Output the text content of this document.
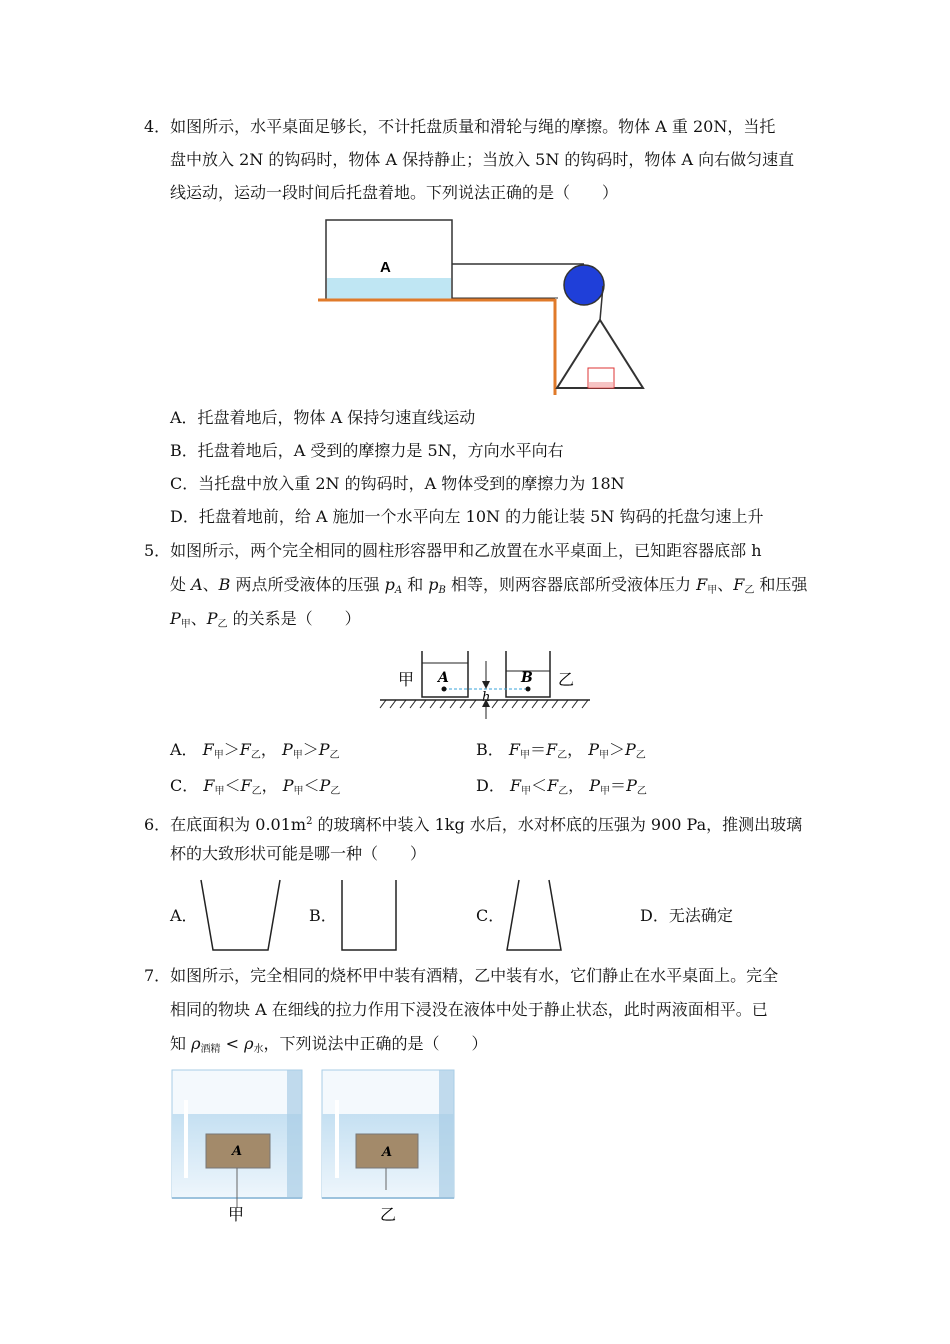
4．如图所示，水平桌面足够长，不计托盘质量和滑轮与绳的摩擦。物体 A 重 20N，当托
盘中放入 2N 的钩码时，物体 A 保持静止；当放入 5N 的钩码时，物体 A 向右做匀速直
线运动，运动一段时间后托盘着地。下列说法正确的是（　　）
A
A．托盘着地后，物体 A 保持匀速直线运动
B．托盘着地后，A 受到的摩擦力是 5N，方向水平向右
C．当托盘中放入重 2N 的钩码时，A 物体受到的摩擦力为 18N
D．托盘着地前，给 A 施加一个水平向左 10N 的力能让装 5N 钩码的托盘匀速上升
5．如图所示，两个完全相同的圆柱形容器甲和乙放置在水平桌面上，已知距容器底部 h
处 A、B 两点所受液体的压强 $p_A$ 和 $p_B$ 相等，则两容器底部所受液体压力 $F_甲$、$F_乙$ 和压强
$P_甲$、$P_乙$ 的关系是（　　）
甲	乙
A	B
h
A． $F_甲>F_乙$， $P_甲>P_乙$	B． $F_甲=F_乙$， $P_甲>P_乙$
C． $F_甲<F_乙$， $P_甲<P_乙$	D． $F_甲<F_乙$， $P_甲=P_乙$
6．在底面积为 $0.01m^2$ 的玻璃杯中装入 1kg 水后，水对杯底的压强为 900 Pa，推测出玻璃
杯的大致形状可能是哪一种（　　）
A．	B．	C．	D．无法确定
7．如图所示，完全相同的烧杯甲中装有酒精，乙中装有水，它们静止在水平桌面上。完全
相同的物块 A 在细线的拉力作用下浸没在液体中处于静止状态，此时两液面相平。已
知 $\rho_{酒精} < \rho_水$，下列说法中正确的是（　　）
A	A
甲	乙
